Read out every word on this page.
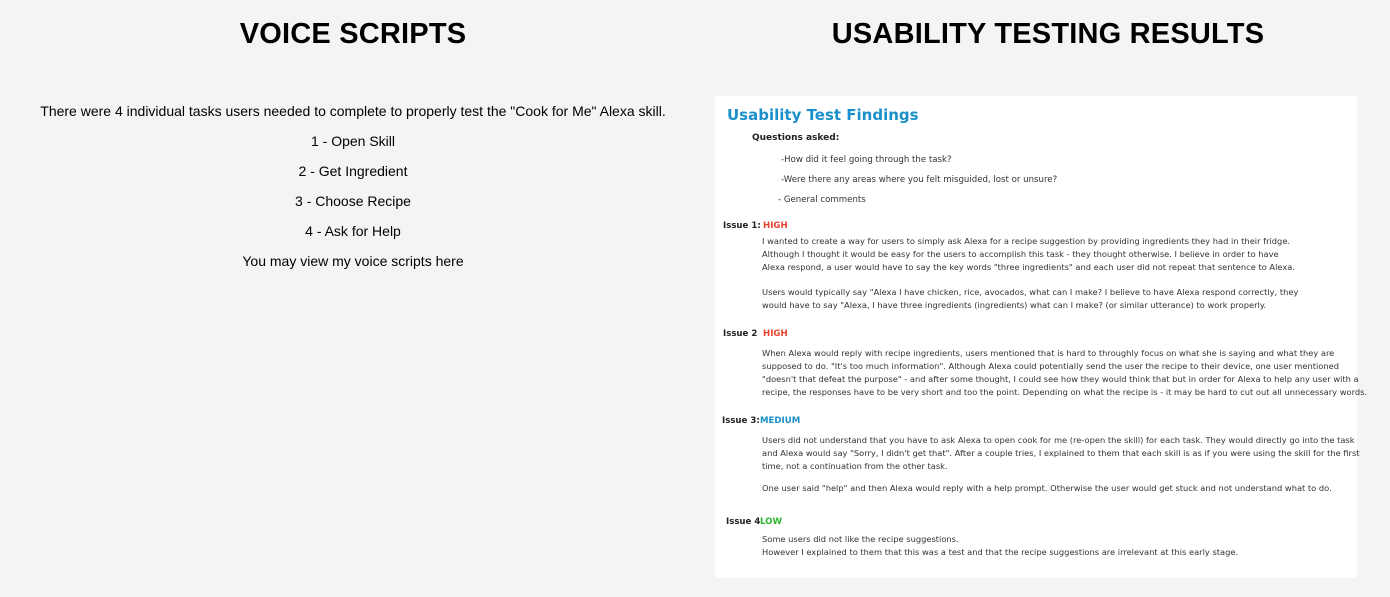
VOICE SCRIPTS

There were 4 individual tasks users needed to complete to properly test the "Cook for Me" Alexa skill.

1 - Open Skill

2 - Get Ingredient

3 - Choose Recipe

4 - Ask for Help

You may view my voice scripts here

USABILITY TESTING RESULTS

Usability Test Findings

Questions asked:
-How did it feel going through the task?
-Were there any areas where you felt misguided, lost or unsure?
- General comments
Issue 1: HIGH

I wanted to create a way for users to simply ask Alexa for a recipe suggestion by providing ingredients they had in their fridge.
Although I thought it would be easy for the users to accomplish this task - they thought otherwise. I believe in order to have
Alexa respond, a user would have to say the key words "three ingredients" and each user did not repeat that sentence to Alexa.

Users would typically say "Alexa I have chicken, rice, avocados, what can I make? I believe to have Alexa respond correctly, they
would have to say "Alexa, I have three ingredients (ingredients) what can I make? (or similar utterance) to work properly.

Issue 2 HIGH

When Alexa would reply with recipe ingredients, users mentioned that is hard to throughly focus on what she is saying and what they are
supposed to do. "It's too much information". Although Alexa could potentially send the user the recipe to their device, one user mentioned
"doesn't that defeat the purpose" - and after some thought, I could see how they would think that but in order for Alexa to help any user with a
recipe, the responses have to be very short and too the point. Depending on what the recipe is - it may be hard to cut out all unnecessary words.

Issue 3: MEDIUM

Users did not understand that you have to ask Alexa to open cook for me (re-open the skill) for each task. They would directly go into the task
and Alexa would say "Sorry, I didn't get that". After a couple tries, I explained to them that each skill is as if you were using the skill for the first
time, not a continuation from the other task.

One user said "help" and then Alexa would reply with a help prompt. Otherwise the user would get stuck and not understand what to do.

Issue 4 LOW

Some users did not like the recipe suggestions.
However I explained to them that this was a test and that the recipe suggestions are irrelevant at this early stage.
